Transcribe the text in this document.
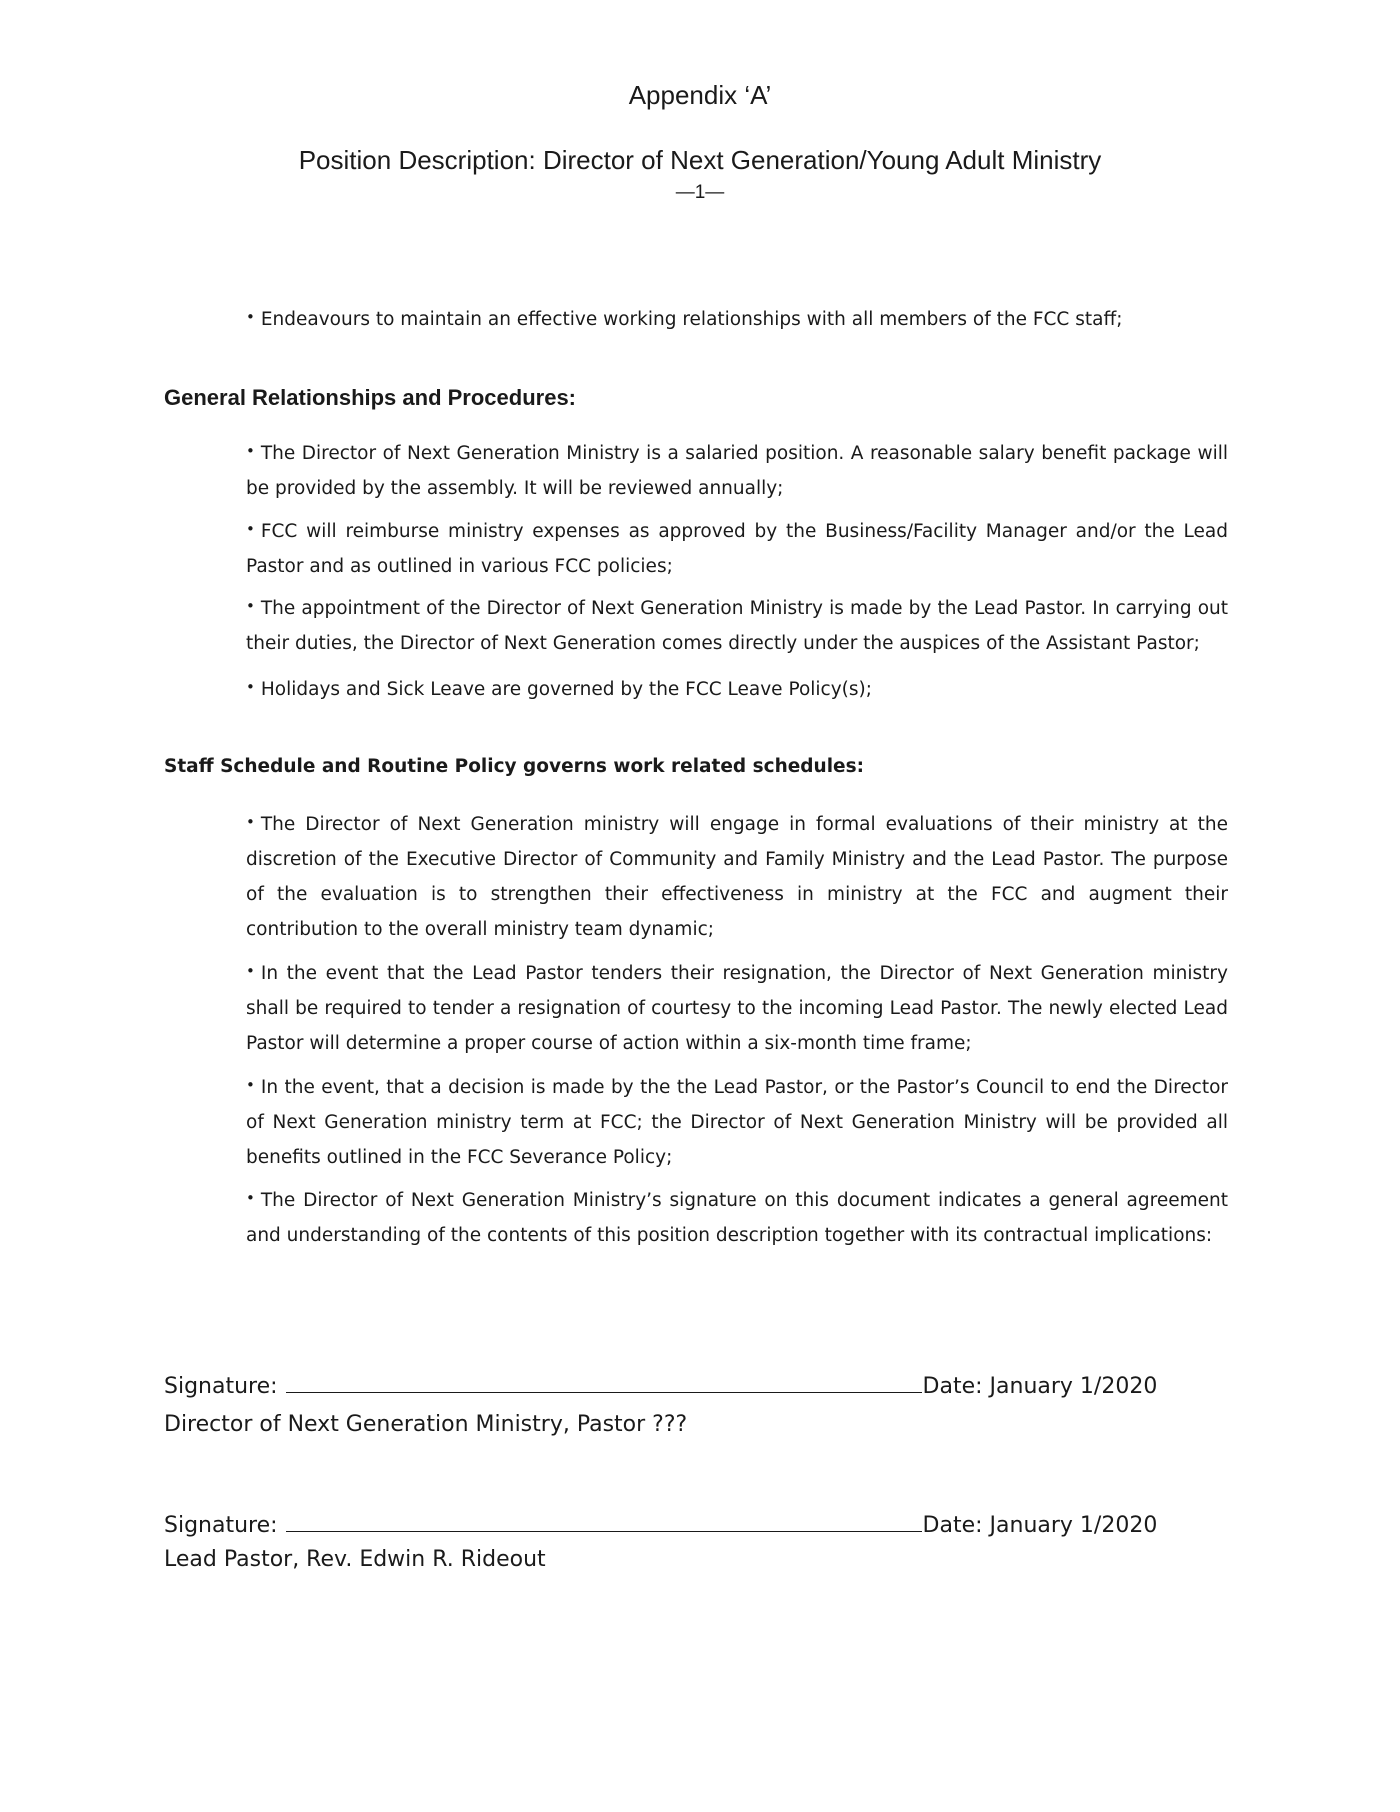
Appendix ‘A’
Position Description: Director of Next Generation/Young Adult Ministry
—1—
• Endeavours to maintain an effective working relationships with all members of the FCC staff;
General Relationships and Procedures:
• The Director of Next Generation Ministry is a salaried position. A reasonable salary benefit package will be provided by the assembly. It will be reviewed annually;
• FCC will reimburse ministry expenses as approved by the Business/Facility Manager and/or the Lead Pastor and as outlined in various FCC policies;
• The appointment of the Director of Next Generation Ministry is made by the Lead Pastor. In carrying out their duties, the Director of Next Generation comes directly under the auspices of the Assistant Pastor;
• Holidays and Sick Leave are governed by the FCC Leave Policy(s);
Staff Schedule and Routine Policy governs work related schedules:
• The Director of Next Generation ministry will engage in formal evaluations of their ministry at the discretion of the Executive Director of Community and Family Ministry and the Lead Pastor. The purpose of the evaluation is to strengthen their effectiveness in ministry at the FCC and augment their contribution to the overall ministry team dynamic;
• In the event that the Lead Pastor tenders their resignation, the Director of Next Generation ministry shall be required to tender a resignation of courtesy to the incoming Lead Pastor. The newly elected Lead Pastor will determine a proper course of action within a six-month time frame;
• In the event, that a decision is made by the the Lead Pastor, or the Pastor’s Council to end the Director of Next Generation ministry term at FCC; the Director of Next Generation Ministry will be provided all benefits outlined in the FCC Severance Policy;
• The Director of Next Generation Ministry’s signature on this document indicates a general agreement and understanding of the contents of this position description together with its contractual implications:
Signature:	Date: January 1/2020
Director of Next Generation Ministry, Pastor ???
Signature:	Date: January 1/2020
Lead Pastor, Rev. Edwin R. Rideout
